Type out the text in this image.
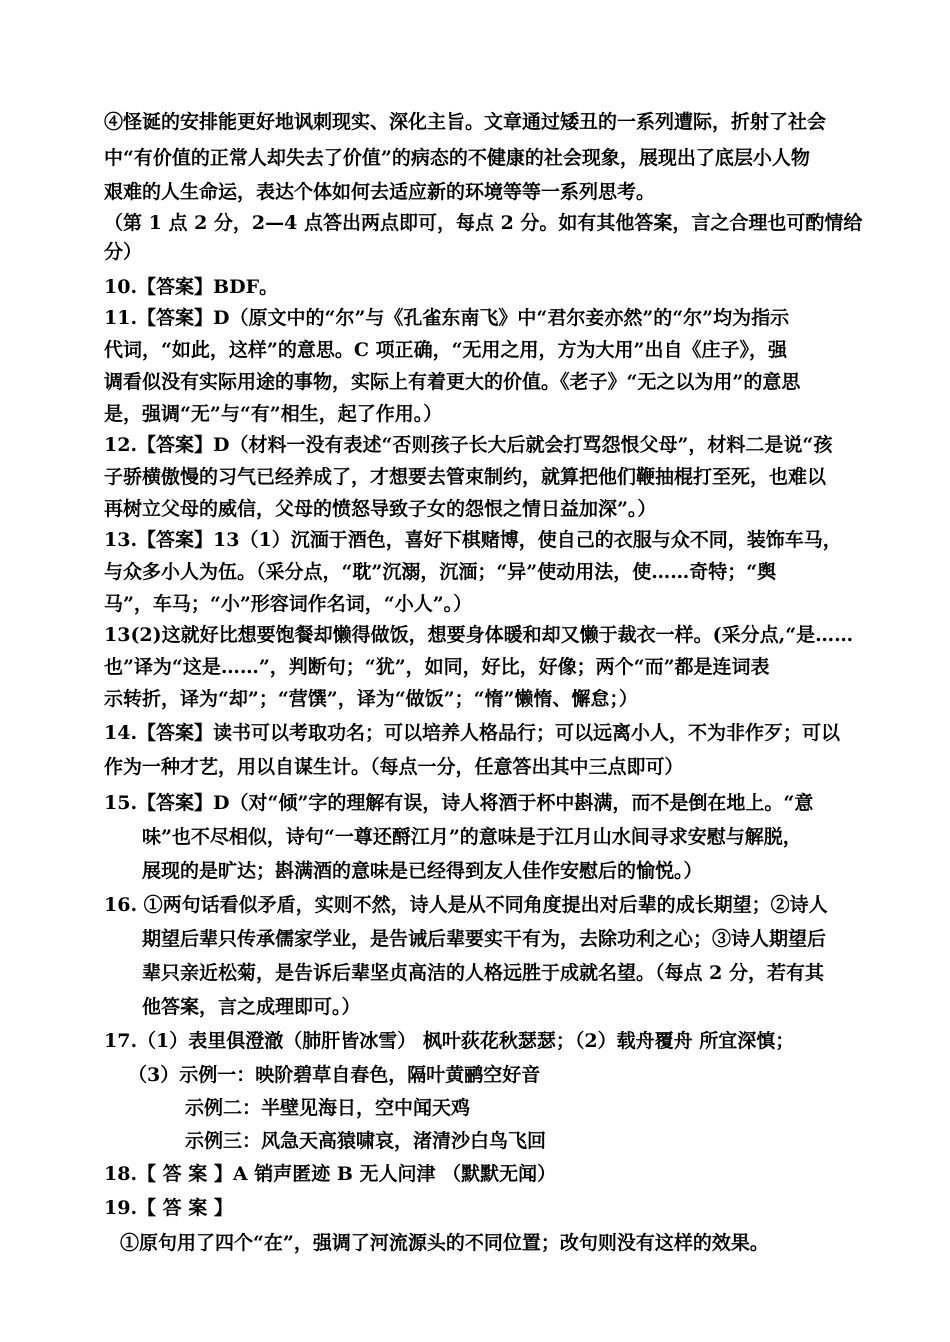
④怪诞的安排能更好地讽刺现实、深化主旨。文章通过矮丑的一系列遭际，折射了社会
中“有价值的正常人却失去了价值”的病态的不健康的社会现象，展现出了底层小人物
艰难的人生命运，表达个体如何去适应新的环境等等一系列思考。
（第 1 点 2 分，2—4 点答出两点即可，每点 2 分。如有其他答案，言之合理也可酌情给
分）
10.【答案】BDF。
11.【答案】D（原文中的“尔”与《孔雀东南飞》中“君尔妾亦然”的“尔”均为指示
代词，“如此，这样”的意思。C 项正确，“无用之用，方为大用”出自《庄子》，强
调看似没有实际用途的事物，实际上有着更大的价值。《老子》“无之以为用”的意思
是，强调“无”与“有”相生，起了作用。）
12.【答案】D（材料一没有表述“否则孩子长大后就会打骂怨恨父母”，材料二是说“孩
子骄横傲慢的习气已经养成了，才想要去管束制约，就算把他们鞭抽棍打至死，也难以
再树立父母的威信，父母的愤怒导致子女的怨恨之情日益加深”。）
13.【答案】13（1）沉湎于酒色，喜好下棋赌博，使自己的衣服与众不同，装饰车马，
与众多小人为伍。（采分点，“耽”沉溺，沉湎；“异”使动用法，使……奇特；“舆
马”，车马；“小”形容词作名词，“小人”。）
13(2)这就好比想要饱餐却懒得做饭，想要身体暖和却又懒于裁衣一样。(采分点,“是……
也”译为“这是……”，判断句；“犹”，如同，好比，好像；两个“而”都是连词表
示转折，译为“却”；“营馔”，译为“做饭”；“惰”懒惰、懈怠；）
14.【答案】读书可以考取功名；可以培养人格品行；可以远离小人，不为非作歹；可以
作为一种才艺，用以自谋生计。（每点一分，任意答出其中三点即可）
15.【答案】D（对“倾”字的理解有误，诗人将酒于杯中斟满，而不是倒在地上。“意
味”也不尽相似，诗句“一尊还酹江月”的意味是于江月山水间寻求安慰与解脱，
展现的是旷达；斟满酒的意味是已经得到友人佳作安慰后的愉悦。）
16. ①两句话看似矛盾，实则不然，诗人是从不同角度提出对后辈的成长期望；②诗人
期望后辈只传承儒家学业，是告诫后辈要实干有为，去除功利之心；③诗人期望后
辈只亲近松菊，是告诉后辈坚贞高洁的人格远胜于成就名望。（每点 2 分，若有其
他答案，言之成理即可。）
17.（1）表里俱澄澈（肺肝皆冰雪） 枫叶荻花秋瑟瑟；（2）载舟覆舟 所宜深慎；
（3）示例一：映阶碧草自春色，隔叶黄鹂空好音
示例二：半壁见海日，空中闻天鸡
示例三：风急天高猿啸哀，渚清沙白鸟飞回
18.【 答 案 】A 销声匿迹 B 无人问津 （默默无闻）
19.【 答 案 】
①原句用了四个“在”，强调了河流源头的不同位置；改句则没有这样的效果。
